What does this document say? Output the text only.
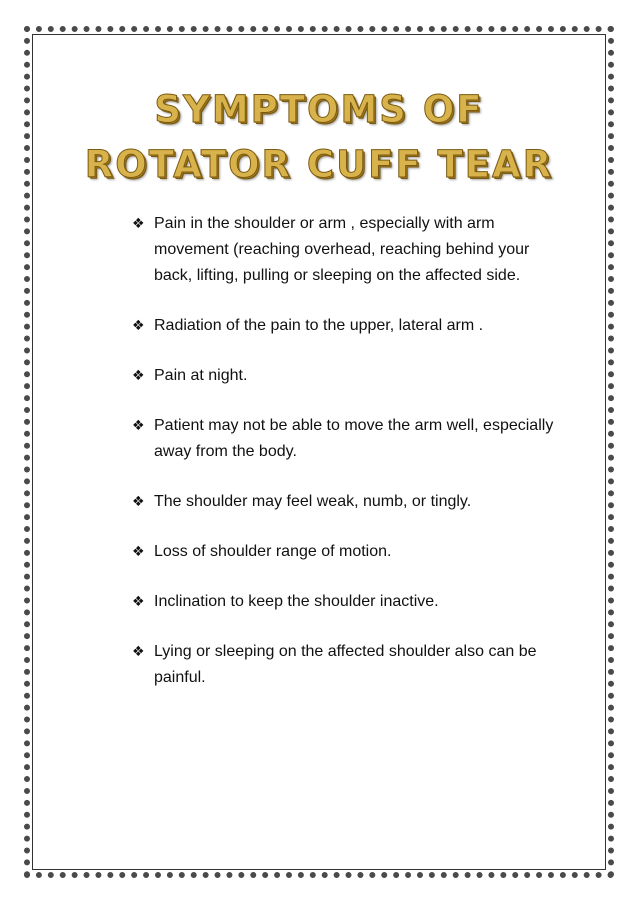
SYMPTOMS OF
ROTATOR CUFF TEAR
❖ Pain in the shoulder or arm , especially with arm movement (reaching overhead, reaching behind your back, lifting, pulling or sleeping on the affected side.
❖ Radiation of the pain to the upper, lateral arm .
❖ Pain at night.
❖ Patient may not be able to move the arm well, especially away from the body.
❖ The shoulder may feel weak, numb, or tingly.
❖ Loss of shoulder range of motion.
❖ Inclination to keep the shoulder inactive.
❖ Lying or sleeping on the affected shoulder also can be painful.
